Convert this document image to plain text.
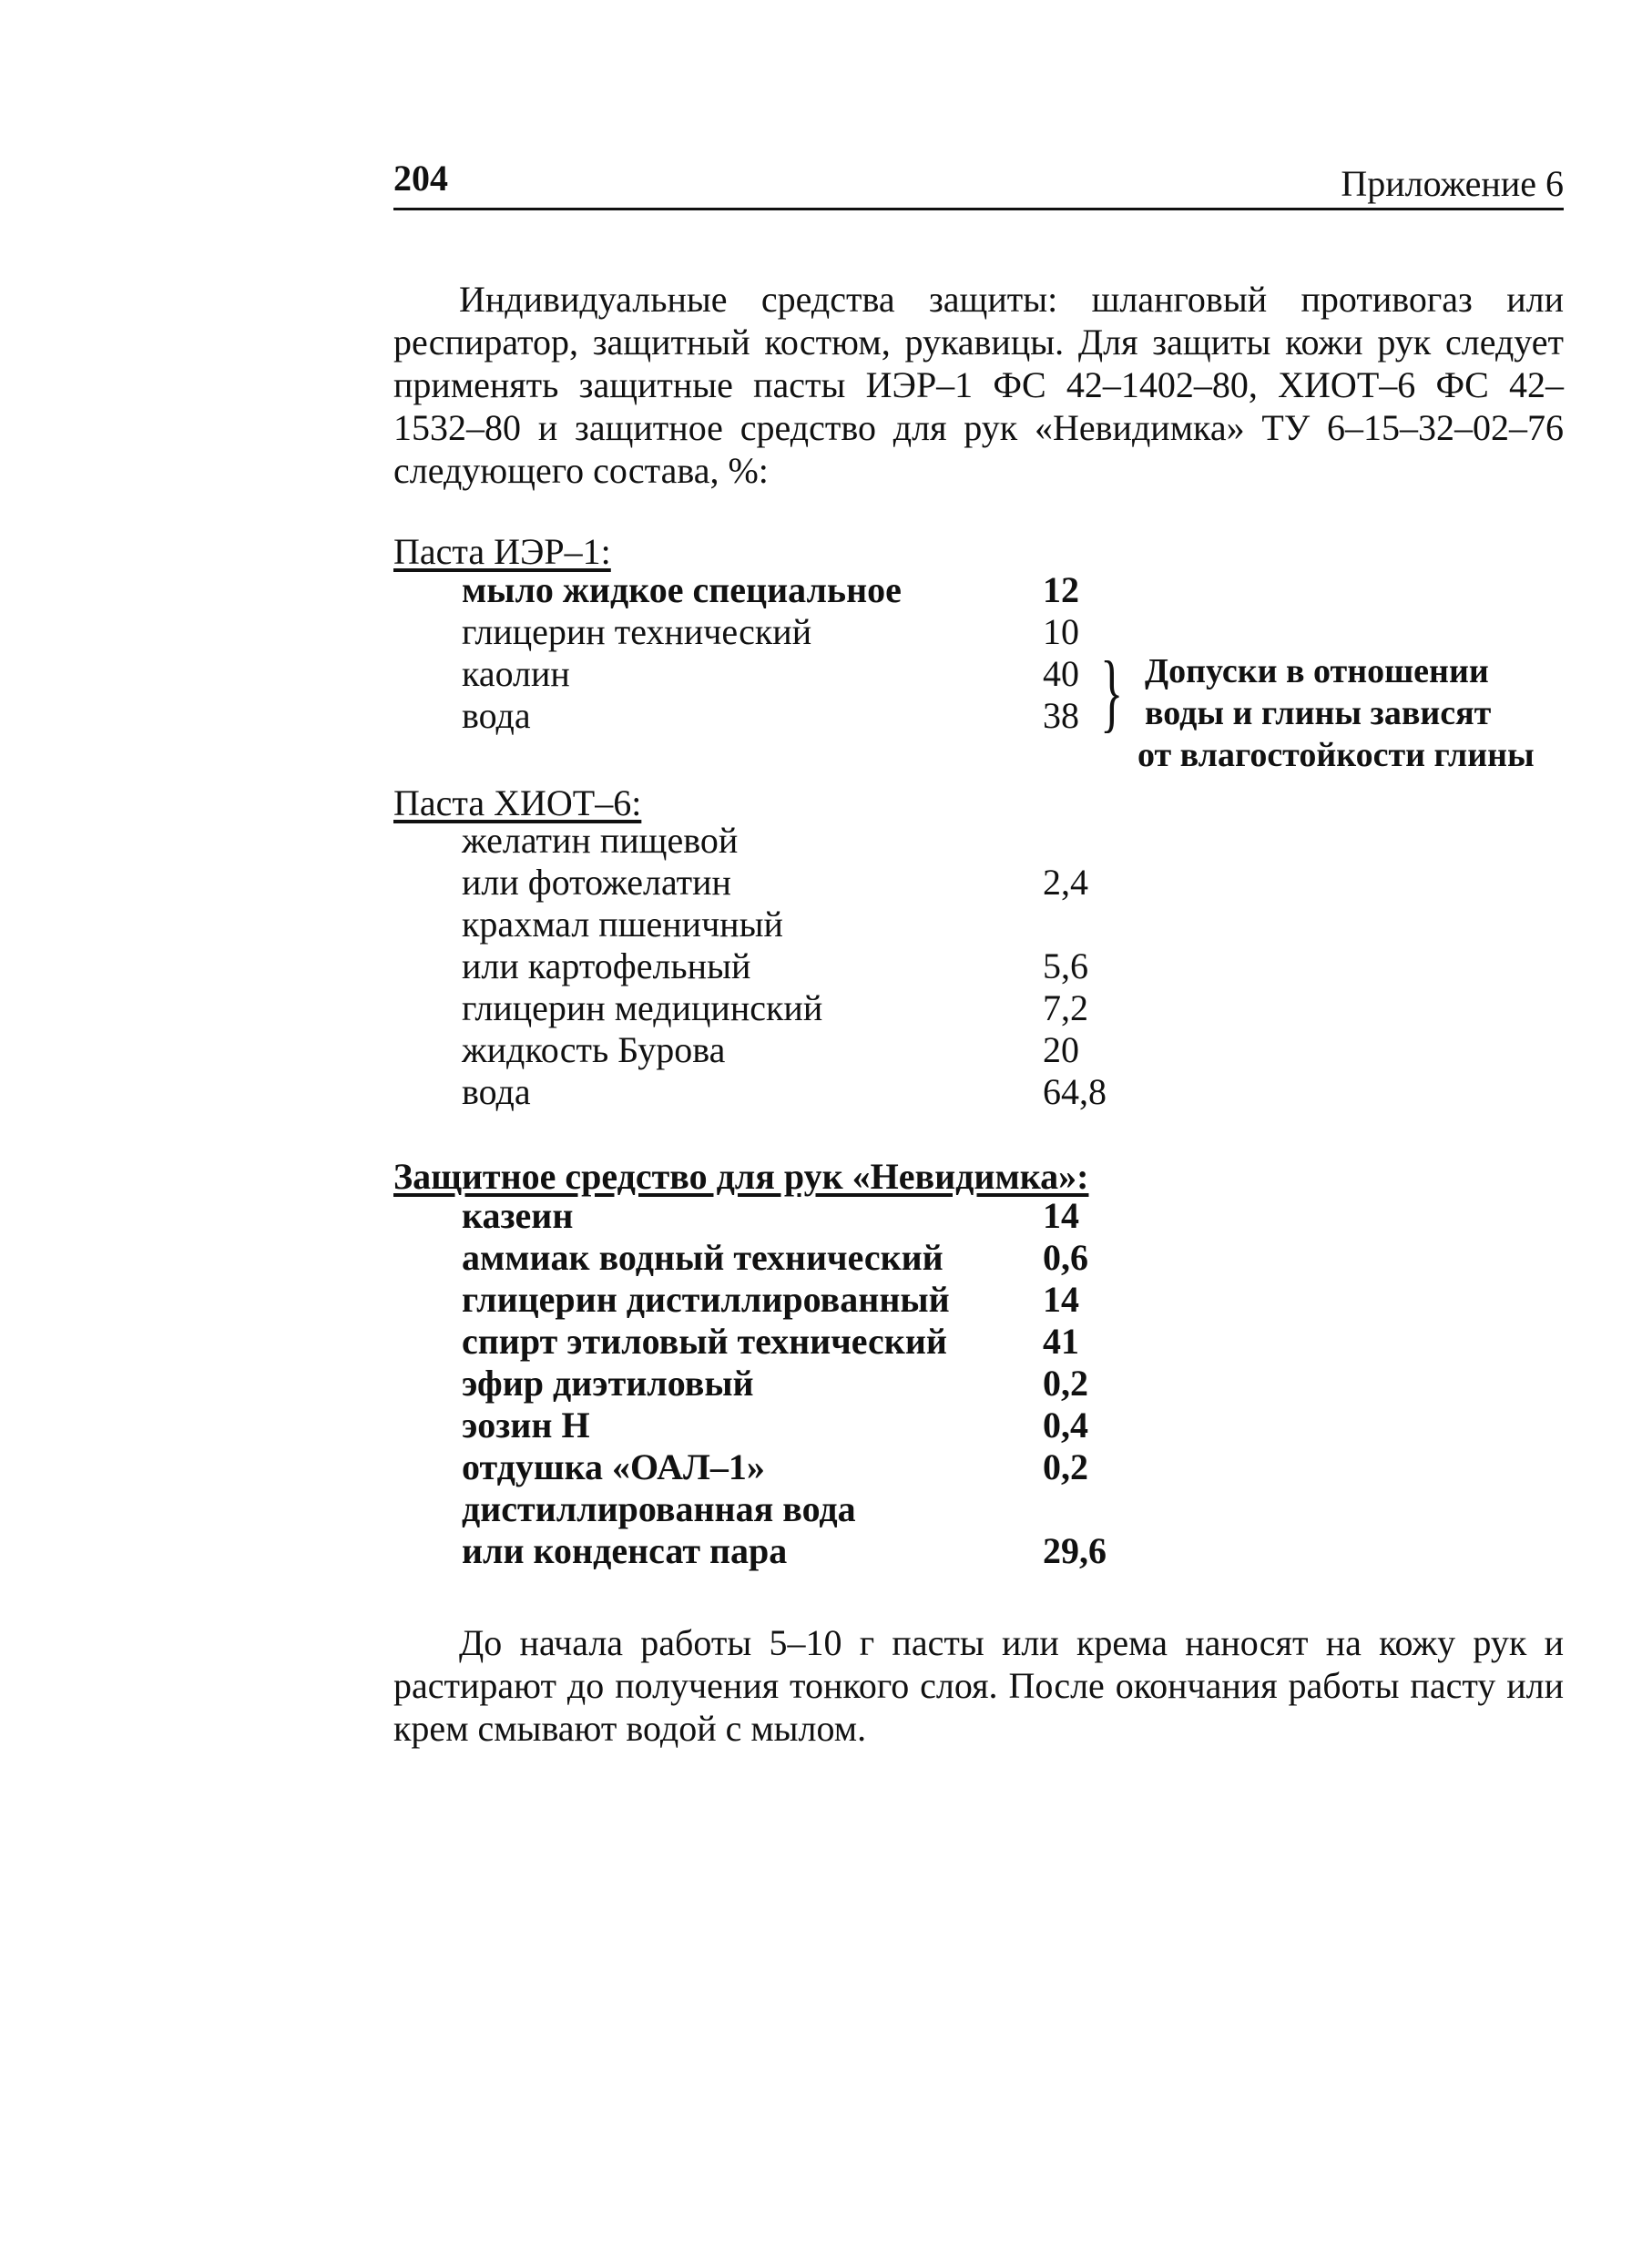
204	Приложение 6

Индивидуальные средства защиты: шланговый противогаз или респиратор, защитный костюм, рукавицы. Для защиты кожи рук следует применять защитные пасты ИЭР–1 ФС 42–1402–80, ХИОТ–6 ФС 42–1532–80 и защитное средство для рук «Невидимка» ТУ 6–15–32–02–76 следующего состава, %:

Паста ИЭР–1:
мыло жидкое специальное	12
глицерин технический	10
каолин	40
вода	38 } Допуски в отношении
воды и глины зависят
от влагостойкости глины
Паста ХИОТ–6:
желатин пищевой
или фотожелатин	2,4
крахмал пшеничный
или картофельный	5,6
глицерин медицинский	7,2
жидкость Бурова	20
вода	64,8
Защитное средство для рук «Невидимка»:
казеин	14
аммиак водный технический	0,6
глицерин дистиллированный	14
спирт этиловый технический	41
эфир диэтиловый	0,2
эозин Н	0,4
отдушка «ОАЛ–1»	0,2
дистиллированная вода
или конденсат пара	29,6

До начала работы 5–10 г пасты или крема наносят на кожу рук и растирают до получения тонкого слоя. После окончания работы пасту или крем смывают водой с мылом.
